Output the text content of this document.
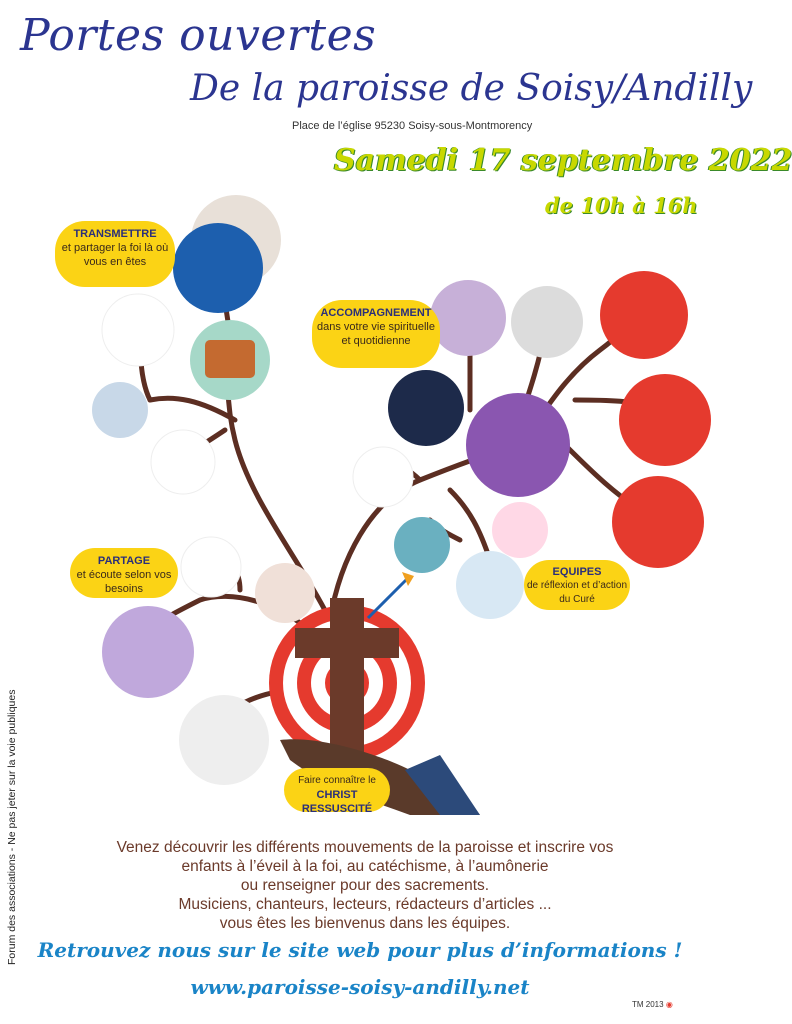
Portes ouvertes
De la paroisse de Soisy/Andilly
Place de l’église 95230 Soisy-sous-Montmorency
Samedi 17 septembre 2022
de 10h à 16h
TRANSMETTRE
et partager la foi là où vous en êtes
ACCOMPAGNEMENT
dans votre vie spirituelle et quotidienne
PARTAGE
et écoute selon vos besoins
EQUIPES
de réflexion et d’action du Curé
Faire connaître le
CHRIST RESSUSCITÉ
Forum des associations - Ne pas jeter sur la voie publiques	Venez découvrir les différents mouvements de la paroisse et inscrire vos
enfants à l’éveil à la foi, au catéchisme, à l’aumônerie
ou renseigner pour des sacrements.
Musiciens, chanteurs, lecteurs, rédacteurs d’articles ...
vous êtes les bienvenus dans les équipes.
Retrouvez nous sur le site web pour plus d’informations !
www.paroisse-soisy-andilly.net
TM 2013 ◉
